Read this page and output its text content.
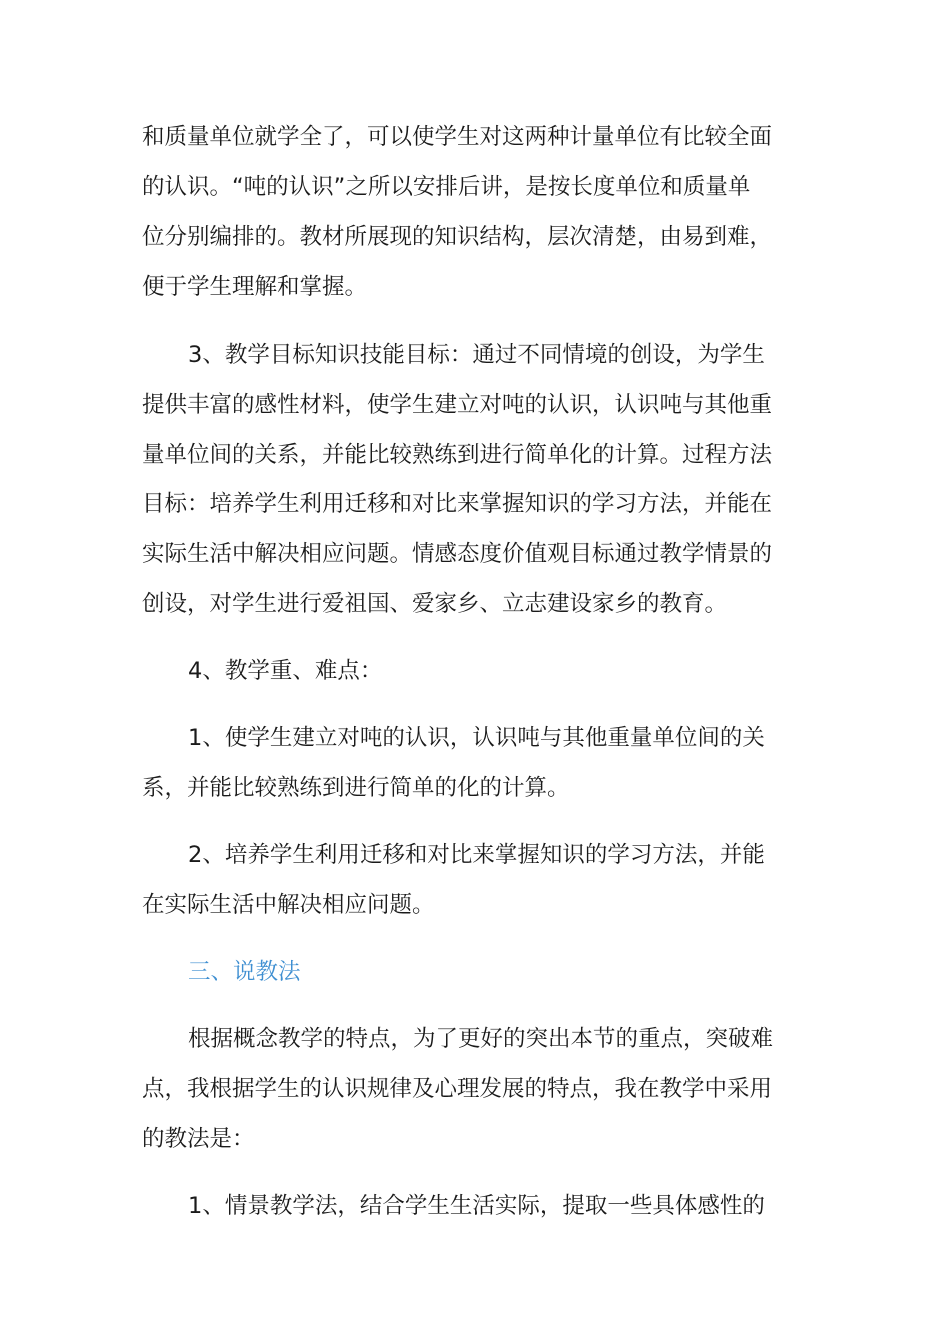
和质量单位就学全了，可以使学生对这两种计量单位有比较全面

的认识。“吨的认识”之所以安排后讲，是按长度单位和质量单

位分别编排的。教材所展现的知识结构，层次清楚，由易到难，

便于学生理解和掌握。

3、教学目标知识技能目标：通过不同情境的创设，为学生

提供丰富的感性材料，使学生建立对吨的认识，认识吨与其他重

量单位间的关系，并能比较熟练到进行简单化的计算。过程方法

目标：培养学生利用迁移和对比来掌握知识的学习方法，并能在

实际生活中解决相应问题。情感态度价值观目标通过教学情景的

创设，对学生进行爱祖国、爱家乡、立志建设家乡的教育。

4、教学重、难点：

1、使学生建立对吨的认识，认识吨与其他重量单位间的关

系，并能比较熟练到进行简单的化的计算。

2、培养学生利用迁移和对比来掌握知识的学习方法，并能

在实际生活中解决相应问题。

三、说教法

根据概念教学的特点，为了更好的突出本节的重点，突破难

点，我根据学生的认识规律及心理发展的特点，我在教学中采用

的教法是：

1、情景教学法，结合学生生活实际，提取一些具体感性的
